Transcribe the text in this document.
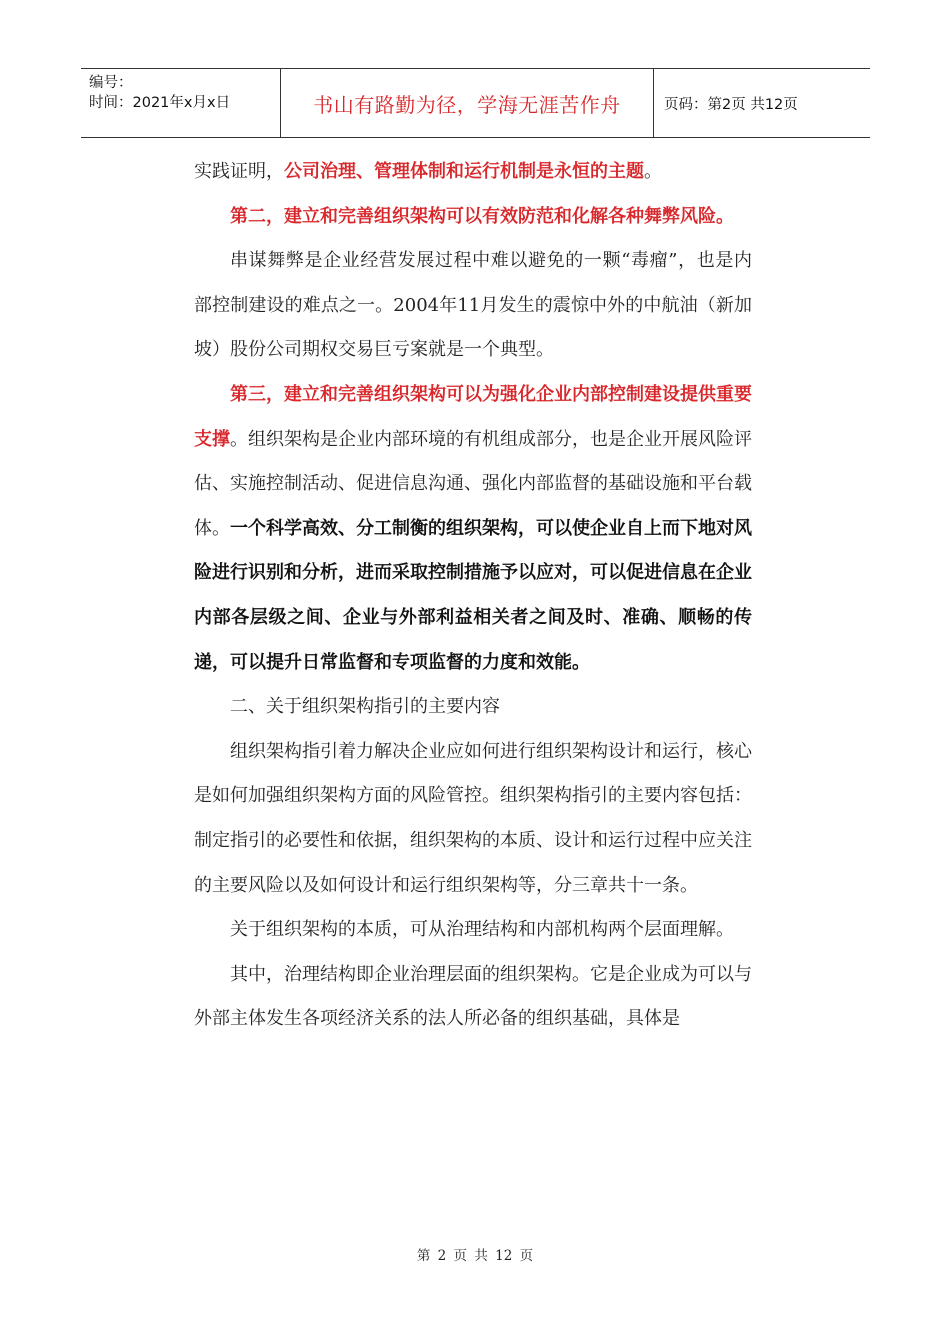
编号：
时间：2021年x月x日	书山有路勤为径，学海无涯苦作舟	页码：第2页 共12页

实践证明，公司治理、管理体制和运行机制是永恒的主题。

第二，建立和完善组织架构可以有效防范和化解各种舞弊风险。

串谋舞弊是企业经营发展过程中难以避免的一颗“毒瘤”，也是内部控制建设的难点之一。2004年11月发生的震惊中外的中航油（新加坡）股份公司期权交易巨亏案就是一个典型。

第三，建立和完善组织架构可以为强化企业内部控制建设提供重要支撑。组织架构是企业内部环境的有机组成部分，也是企业开展风险评估、实施控制活动、促进信息沟通、强化内部监督的基础设施和平台载体。一个科学高效、分工制衡的组织架构，可以使企业自上而下地对风险进行识别和分析，进而采取控制措施予以应对，可以促进信息在企业内部各层级之间、企业与外部利益相关者之间及时、准确、顺畅的传递，可以提升日常监督和专项监督的力度和效能。

二、关于组织架构指引的主要内容

组织架构指引着力解决企业应如何进行组织架构设计和运行，核心是如何加强组织架构方面的风险管控。组织架构指引的主要内容包括：制定指引的必要性和依据，组织架构的本质、设计和运行过程中应关注的主要风险以及如何设计和运行组织架构等，分三章共十一条。

关于组织架构的本质，可从治理结构和内部机构两个层面理解。

其中，治理结构即企业治理层面的组织架构。它是企业成为可以与外部主体发生各项经济关系的法人所必备的组织基础，具体是

第 2 页 共 12 页
